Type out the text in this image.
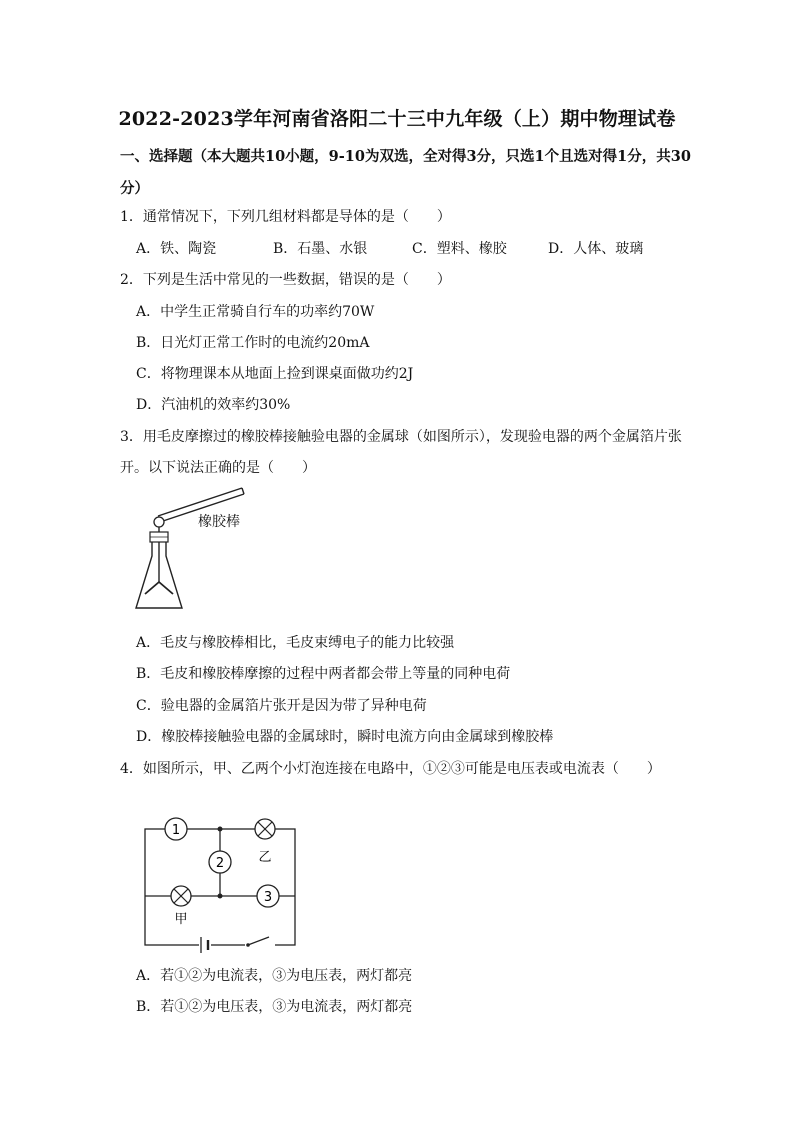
2022-2023学年河南省洛阳二十三中九年级（上）期中物理试卷
一、选择题（本大题共10小题，9-10为双选，全对得3分，只选1个且选对得1分，共30分）
1．通常情况下，下列几组材料都是导体的是（　　）
A．铁、陶瓷	B．石墨、水银	C．塑料、橡胶	D．人体、玻璃
2．下列是生活中常见的一些数据，错误的是（　　）
A．中学生正常骑自行车的功率约70W
B．日光灯正常工作时的电流约20mA
C．将物理课本从地面上捡到课桌面做功约2J
D．汽油机的效率约30%
3．用毛皮摩擦过的橡胶棒接触验电器的金属球（如图所示），发现验电器的两个金属箔片张
开。以下说法正确的是（　　）
橡胶棒
A．毛皮与橡胶棒相比，毛皮束缚电子的能力比较强
B．毛皮和橡胶棒摩擦的过程中两者都会带上等量的同种电荷
C．验电器的金属箔片张开是因为带了异种电荷
D．橡胶棒接触验电器的金属球时，瞬时电流方向由金属球到橡胶棒
4．如图所示，甲、乙两个小灯泡连接在电路中，①②③可能是电压表或电流表（　　）
1
乙
2
甲
3
A．若①②为电流表，③为电压表，两灯都亮
B．若①②为电压表，③为电流表，两灯都亮
